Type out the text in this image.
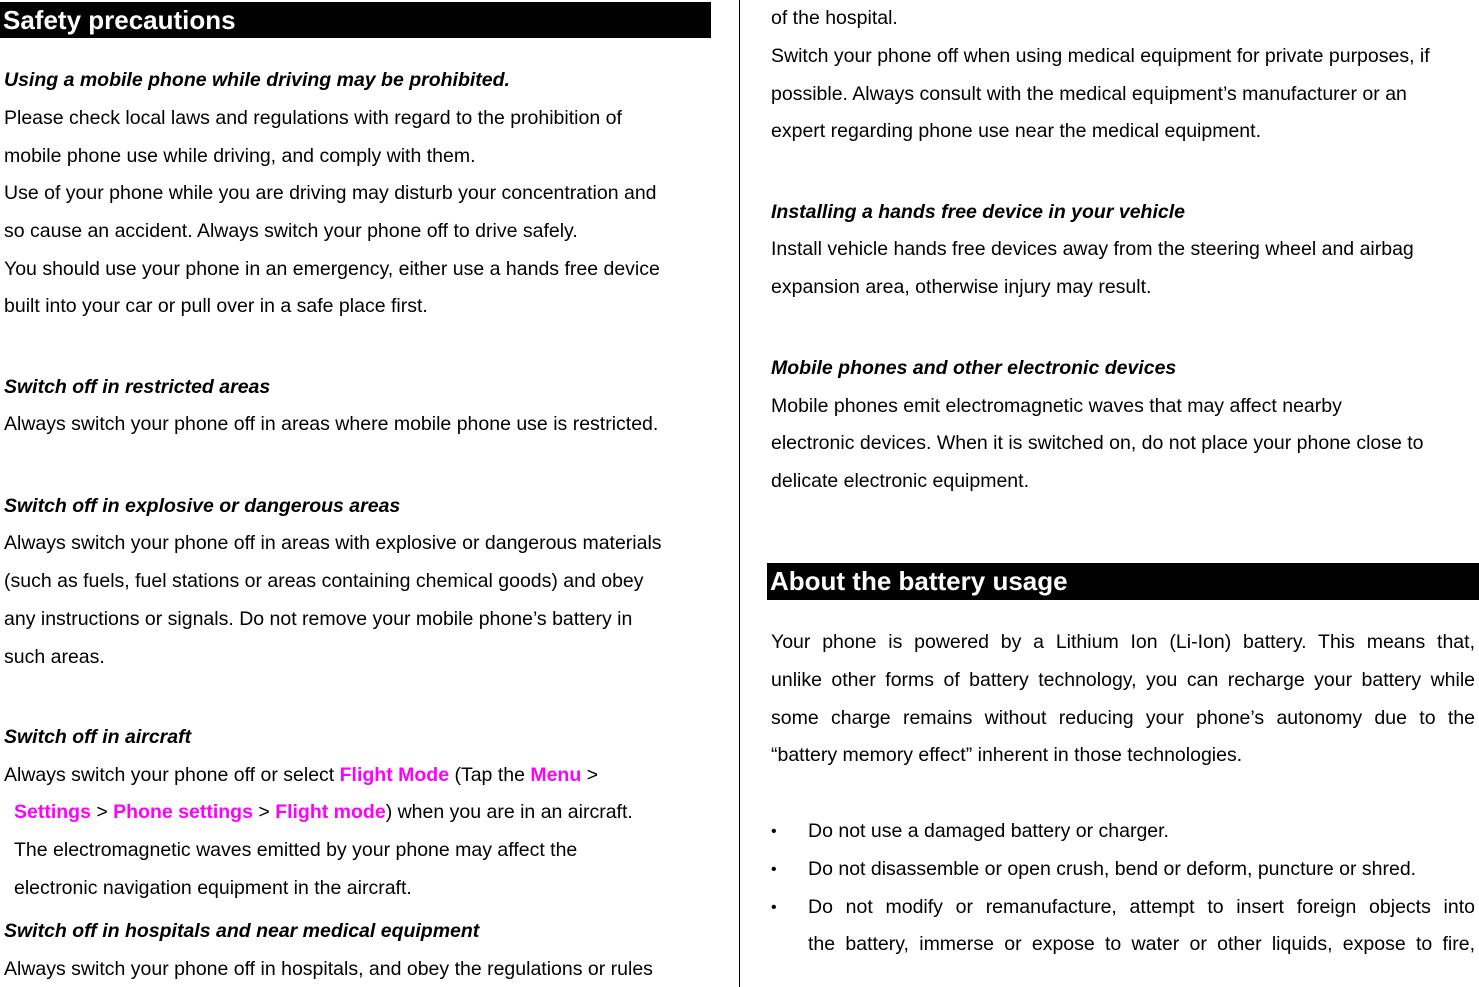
Safety precautions

Using a mobile phone while driving may be prohibited.

Please check local laws and regulations with regard to the prohibition of

mobile phone use while driving, and comply with them.

Use of your phone while you are driving may disturb your concentration and

so cause an accident. Always switch your phone off to drive safely.

You should use your phone in an emergency, either use a hands free device

built into your car or pull over in a safe place first.

Switch off in restricted areas

Always switch your phone off in areas where mobile phone use is restricted.

Switch off in explosive or dangerous areas

Always switch your phone off in areas with explosive or dangerous materials

(such as fuels, fuel stations or areas containing chemical goods) and obey

any instructions or signals. Do not remove your mobile phone’s battery in

such areas.

Switch off in aircraft

Always switch your phone off or select Flight Mode (Tap the Menu >

Settings > Phone settings > Flight mode) when you are in an aircraft.

The electromagnetic waves emitted by your phone may affect the

electronic navigation equipment in the aircraft.

Switch off in hospitals and near medical equipment

Always switch your phone off in hospitals, and obey the regulations or rules

of the hospital.

Switch your phone off when using medical equipment for private purposes, if

possible. Always consult with the medical equipment’s manufacturer or an

expert regarding phone use near the medical equipment.

Installing a hands free device in your vehicle

Install vehicle hands free devices away from the steering wheel and airbag

expansion area, otherwise injury may result.

Mobile phones and other electronic devices

Mobile phones emit electromagnetic waves that may affect nearby

electronic devices. When it is switched on, do not place your phone close to

delicate electronic equipment.

About the battery usage

Your phone is powered by a Lithium Ion (Li-Ion) battery. This means that,

unlike other forms of battery technology, you can recharge your battery while

some charge remains without reducing your phone’s autonomy due to the

“battery memory effect” inherent in those technologies.

• Do not use a damaged battery or charger.

• Do not disassemble or open crush, bend or deform, puncture or shred.

• Do not modify or remanufacture, attempt to insert foreign objects into

the battery, immerse or expose to water or other liquids, expose to fire,
